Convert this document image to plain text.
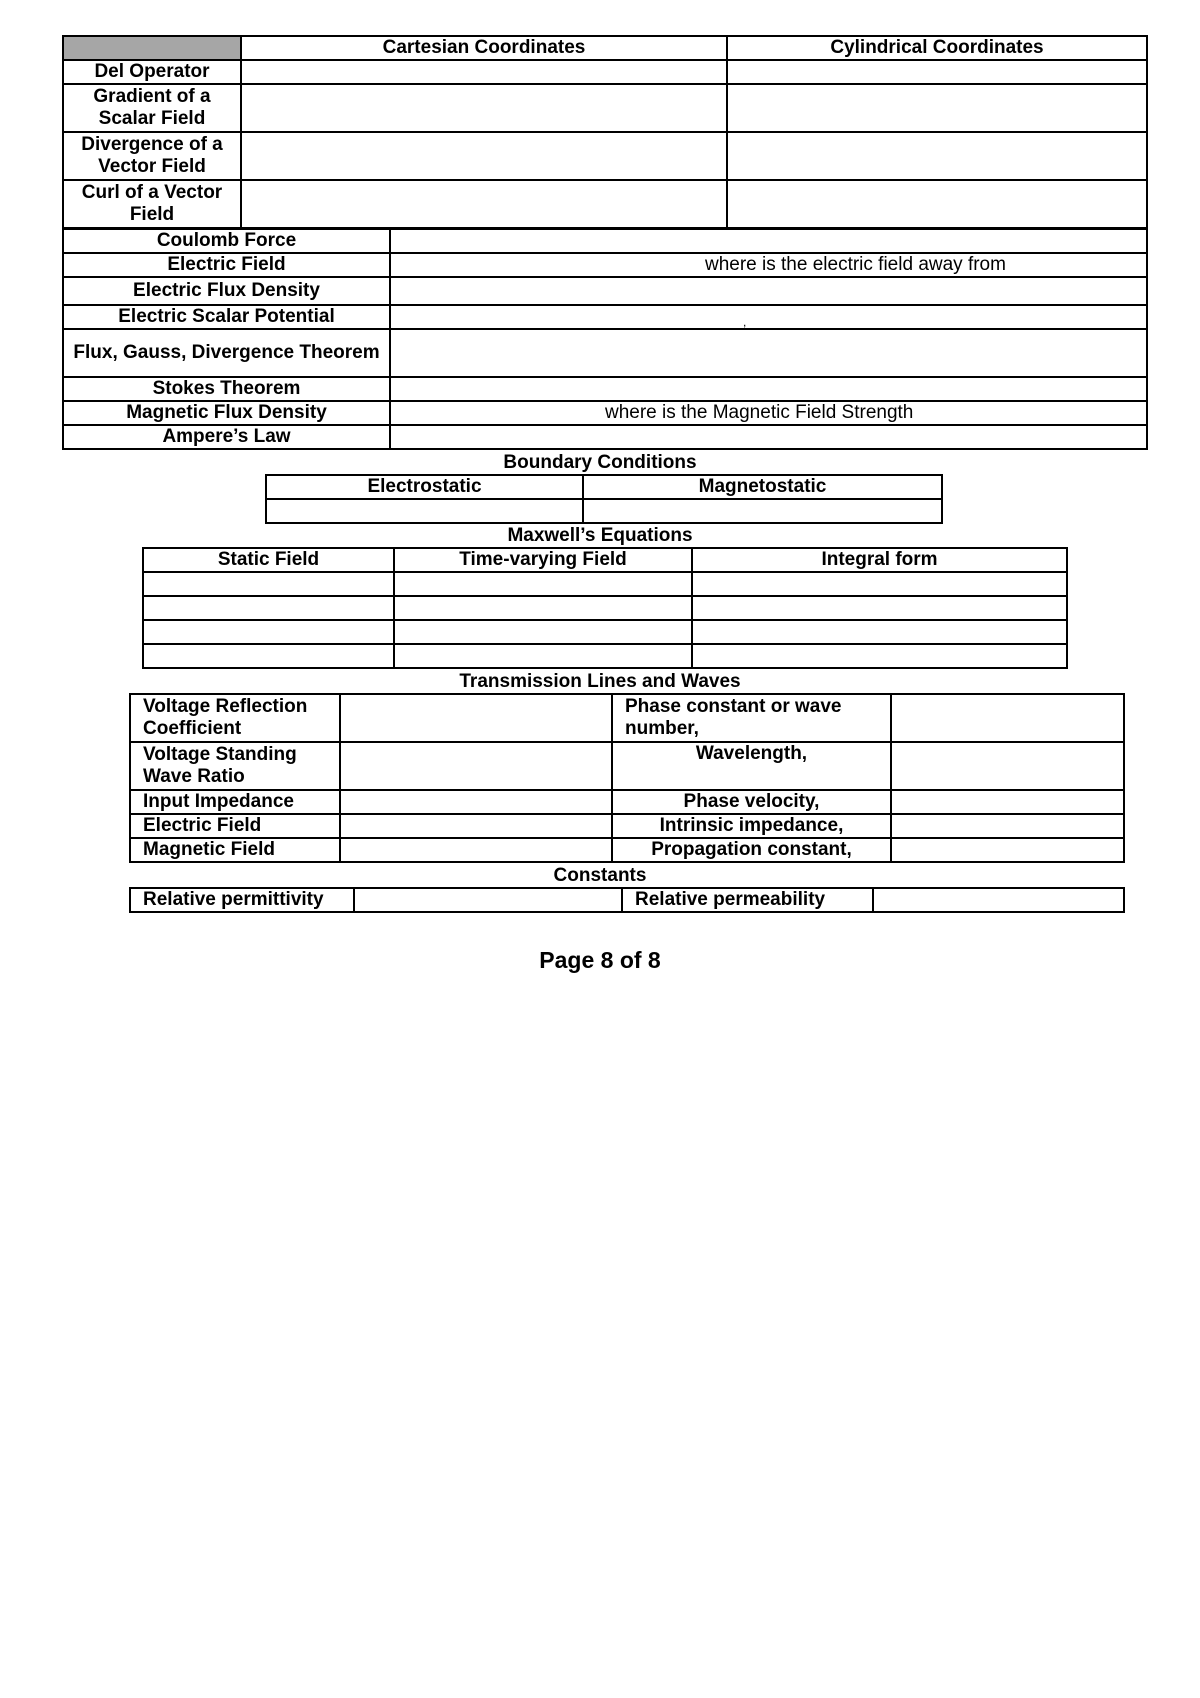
	Cartesian Coordinates	Cylindrical Coordinates
Del Operator		
Gradient of a Scalar Field		
Divergence of a Vector Field		
Curl of a Vector Field		
Coulomb Force	
Electric Field	where is the electric field away from
Electric Flux Density	
Electric Scalar Potential	,
Flux, Gauss, Divergence Theorem	
Stokes Theorem	
Magnetic Flux Density	where is the Magnetic Field Strength
Ampere’s Law	
Boundary Conditions
Electrostatic	Magnetostatic

Maxwell’s Equations
Static Field	Time-varying Field	Integral form

Transmission Lines and Waves
Voltage Reflection Coefficient		Phase constant or wave number,	
Voltage Standing Wave Ratio		Wavelength,	
Input Impedance		Phase velocity,	
Electric Field		Intrinsic impedance,	
Magnetic Field		Propagation constant,	
Constants
Relative permittivity		Relative permeability	
Page 8 of 8
